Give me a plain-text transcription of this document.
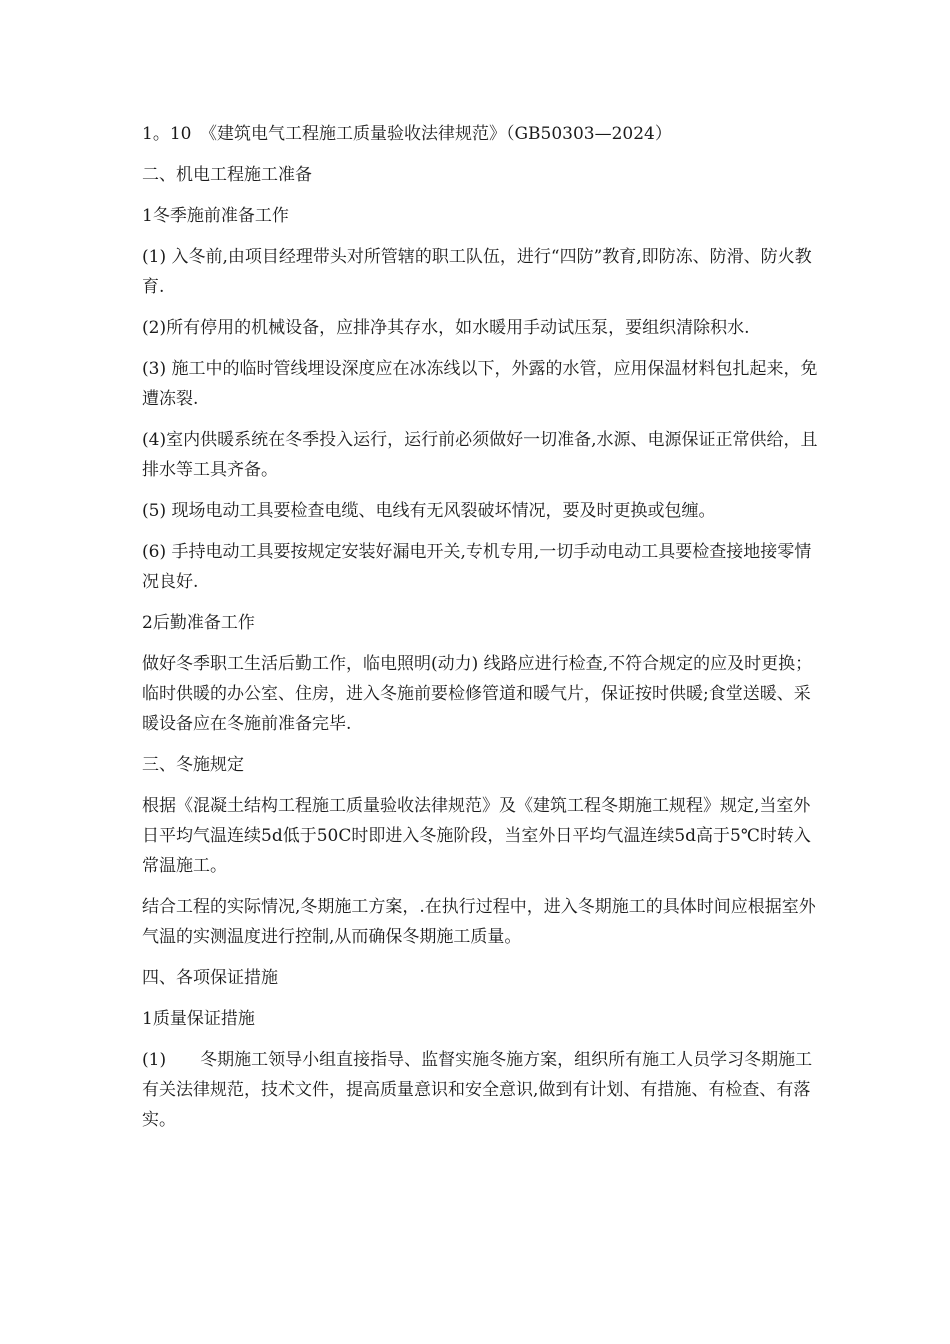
1。10　《建筑电气工程施工质量验收法律规范》（GB50303—2024）

二、机电工程施工准备

1冬季施前准备工作

(1) 入冬前,由项目经理带头对所管辖的职工队伍，进行“四防”教育,即防冻、防滑、防火教育.

(2)所有停用的机械设备，应排净其存水，如水暖用手动试压泵，要组织清除积水.

(3) 施工中的临时管线埋设深度应在冰冻线以下，外露的水管，应用保温材料包扎起来，免遭冻裂.

(4)室内供暖系统在冬季投入运行，运行前必须做好一切准备,水源、电源保证正常供给，且排水等工具齐备。

(5) 现场电动工具要检查电缆、电线有无风裂破坏情况，要及时更换或包缠。

(6) 手持电动工具要按规定安装好漏电开关,专机专用,一切手动电动工具要检查接地接零情况良好.

2后勤准备工作

做好冬季职工生活后勤工作，临电照明(动力) 线路应进行检查,不符合规定的应及时更换；临时供暖的办公室、住房，进入冬施前要检修管道和暖气片，保证按时供暖;食堂送暖、采暖设备应在冬施前准备完毕.

三、冬施规定

根据《混凝土结构工程施工质量验收法律规范》及《建筑工程冬期施工规程》规定,当室外日平均气温连续5d低于50C时即进入冬施阶段，当室外日平均气温连续5d高于5℃时转入常温施工。

结合工程的实际情况,冬期施工方案，.在执行过程中，进入冬期施工的具体时间应根据室外气温的实测温度进行控制,从而确保冬期施工质量。

四、各项保证措施

1质量保证措施

(1)　　冬期施工领导小组直接指导、监督实施冬施方案，组织所有施工人员学习冬期施工有关法律规范，技术文件，提高质量意识和安全意识,做到有计划、有措施、有检查、有落实。
